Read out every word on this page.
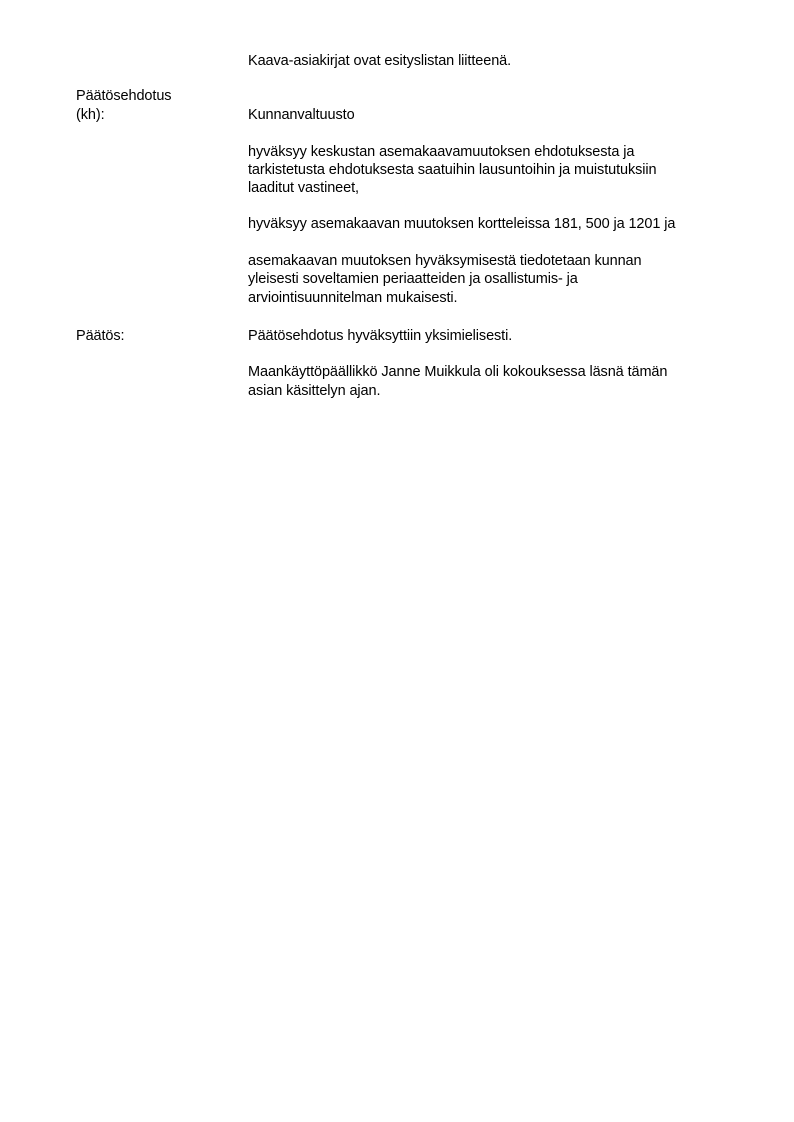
Kaava-asiakirjat ovat esityslistan liitteenä.
Päätösehdotus
(kh):	Kunnanvaltuusto
hyväksyy keskustan asemakaavamuutoksen ehdotuksesta ja
tarkistetusta ehdotuksesta saatuihin lausuntoihin ja muistutuksiin
laaditut vastineet,
hyväksyy asemakaavan muutoksen kortteleissa 181, 500 ja 1201 ja
asemakaavan muutoksen hyväksymisestä tiedotetaan kunnan
yleisesti soveltamien periaatteiden ja osallistumis- ja
arviointisuunnitelman mukaisesti.
Päätös:	Päätösehdotus hyväksyttiin yksimielisesti.
Maankäyttöpäällikkö Janne Muikkula oli kokouksessa läsnä tämän
asian käsittelyn ajan.
